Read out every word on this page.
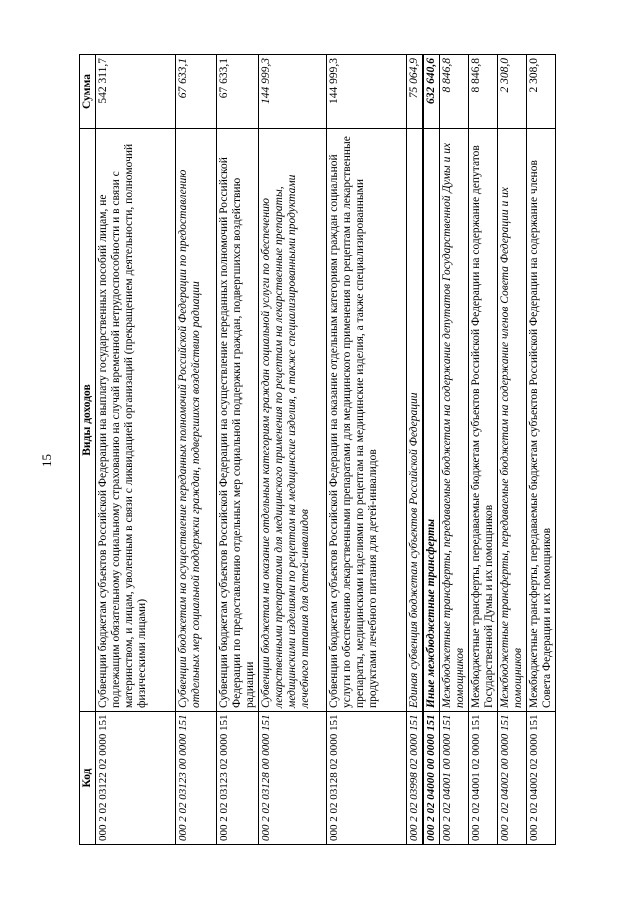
15
Код	Виды доходов	Сумма
000 2 02 03122 02 0000 151	Субвенции бюджетам субъектов Российской Федерации на выплату государственных пособий лицам, не подлежащим обязательному социальному страхованию на случай временной нетрудоспособности и в связи с материнством, и лицам, уволенным в связи с ликвидацией организаций (прекращением деятельности, полномочий физическими лицами)	542 311,7
000 2 02 03123 00 0000 151	Субвенции бюджетам на осуществление переданных полномочий Российской Федерации по предоставлению отдельных мер социальной поддержки граждан, подвергшихся воздействию радиации	67 633,1
000 2 02 03123 02 0000 151	Субвенции бюджетам субъектов Российской Федерации на осуществление переданных полномочий Российской Федерации по предоставлению отдельных мер социальной поддержки граждан, подвергшихся воздействию радиации	67 633,1
000 2 02 03128 00 0000 151	Субвенции бюджетам на оказание отдельным категориям граждан социальной услуги по обеспечению лекарственными препаратами для медицинского применения по рецептам на лекарственные препараты, медицинскими изделиями по рецептам на медицинские изделия, а также специализированными продуктами лечебного питания для детей-инвалидов	144 999,3
000 2 02 03128 02 0000 151	Субвенции бюджетам субъектов Российской Федерации на оказание отдельным категориям граждан социальной услуги по обеспечению лекарственными препаратами для медицинского применения по рецептам на лекарственные препараты, медицинскими изделиями по рецептам на медицинские изделия, а также специализированными продуктами лечебного питания для детей-инвалидов	144 999,3
000 2 02 03998 02 0000 151	Единая субвенция бюджетам субъектов Российской Федерации	75 064,9
000 2 02 04000 00 0000 151	Иные межбюджетные трансферты	632 640,6
000 2 02 04001 00 0000 151	Межбюджетные трансферты, передаваемые бюджетам на содержание депутатов Государственной Думы и их помощников	8 846,8
000 2 02 04001 02 0000 151	Межбюджетные трансферты, передаваемые бюджетам субъектов Российской Федерации на содержание депутатов Государственной Думы и их помощников	8 846,8
000 2 02 04002 00 0000 151	Межбюджетные трансферты, передаваемые бюджетам на содержание членов Совета Федерации и их помощников	2 308,0
000 2 02 04002 02 0000 151	Межбюджетные трансферты, передаваемые бюджетам субъектов Российской Федерации на содержание членов Совета Федерации и их помощников	2 308,0
